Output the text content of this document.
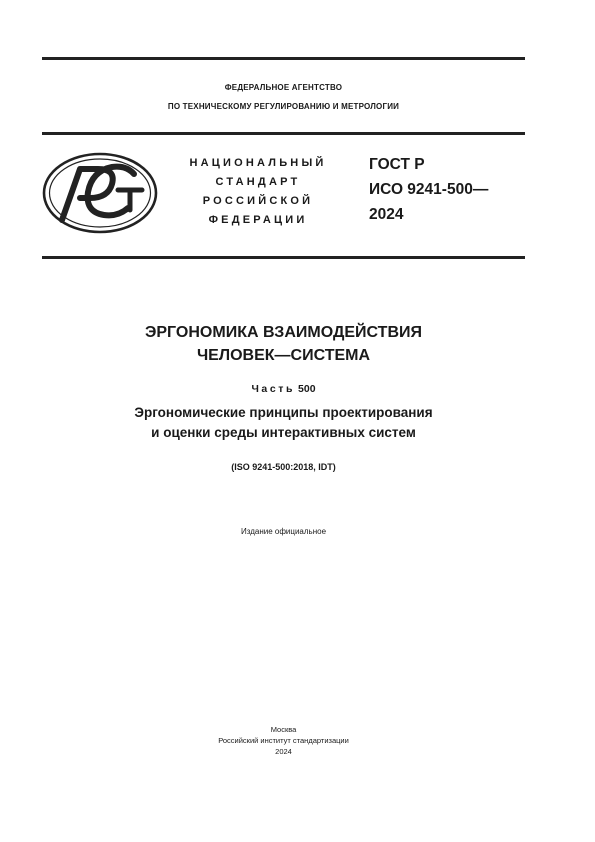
ФЕДЕРАЛЬНОЕ АГЕНТСТВО
ПО ТЕХНИЧЕСКОМУ РЕГУЛИРОВАНИЮ И МЕТРОЛОГИИ
НАЦИОНАЛЬНЫЙ
СТАНДАРТ
РОССИЙСКОЙ
ФЕДЕРАЦИИ
ГОСТ Р
ИСО 9241-500—
2024
ЭРГОНОМИКА ВЗАИМОДЕЙСТВИЯ
ЧЕЛОВЕК—СИСТЕМА
Часть 500
Эргономические принципы проектирования
и оценки среды интерактивных систем
(ISO 9241-500:2018, IDT)
Издание официальное
Москва
Российский институт стандартизации
2024
